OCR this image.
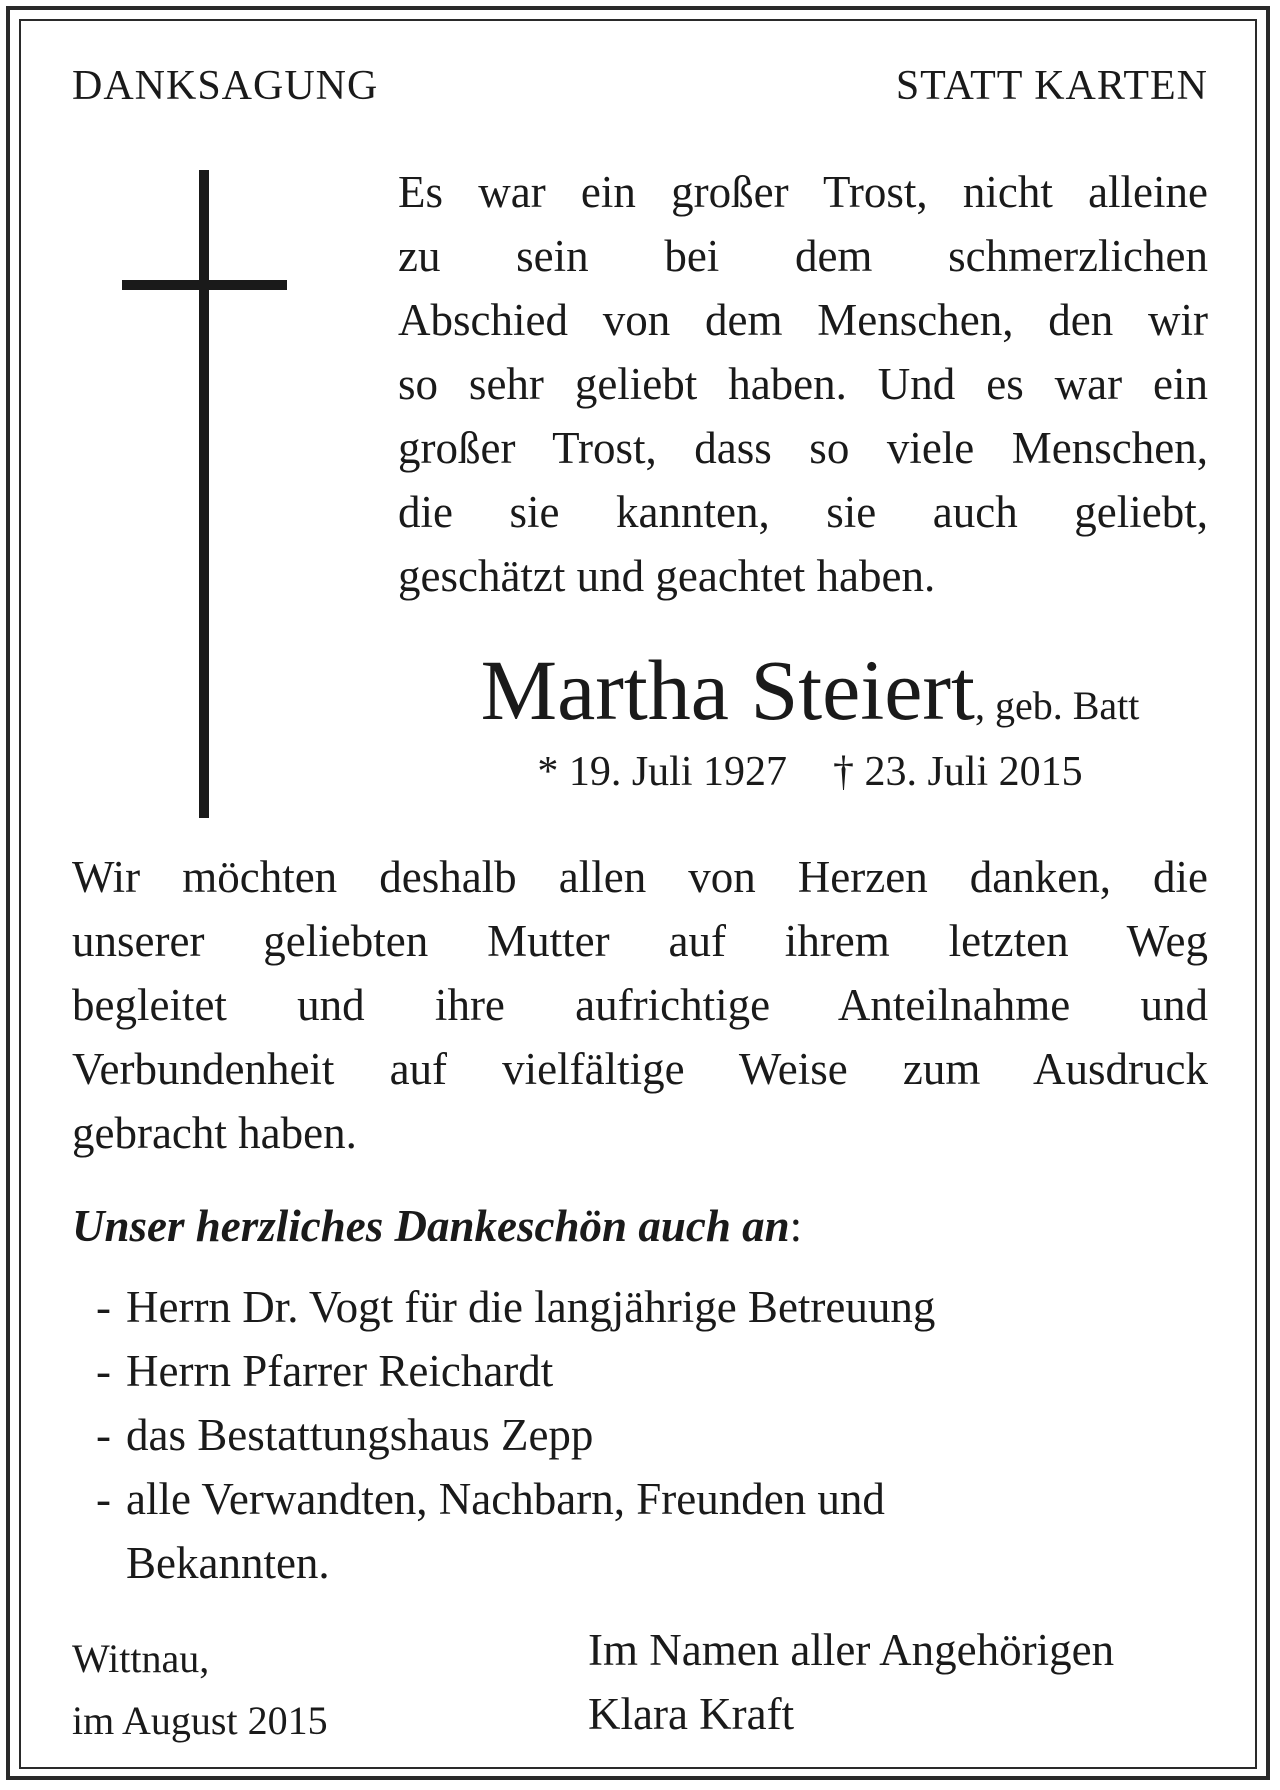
DANKSAGUNG	STATT KARTEN
Es war ein großer Trost, nicht alleine
zu sein bei dem schmerzlichen
Abschied von dem Menschen, den wir
so sehr geliebt haben. Und es war ein
großer Trost, dass so viele Menschen,
die sie kannten, sie auch geliebt,
geschätzt und geachtet haben.
Martha Steiert, geb. Batt
* 19. Juli 1927 † 23. Juli 2015
Wir möchten deshalb allen von Herzen danken, die
unserer geliebten Mutter auf ihrem letzten Weg
begleitet und ihre aufrichtige Anteilnahme und
Verbundenheit auf vielfältige Weise zum Ausdruck
gebracht haben.
Unser herzliches Dankeschön auch an:
- Herrn Dr. Vogt für die langjährige Betreuung
- Herrn Pfarrer Reichardt
- das Bestattungshaus Zepp
- alle Verwandten, Nachbarn, Freunden und Bekannten.
Wittnau,
im August 2015
Im Namen aller Angehörigen
Klara Kraft
